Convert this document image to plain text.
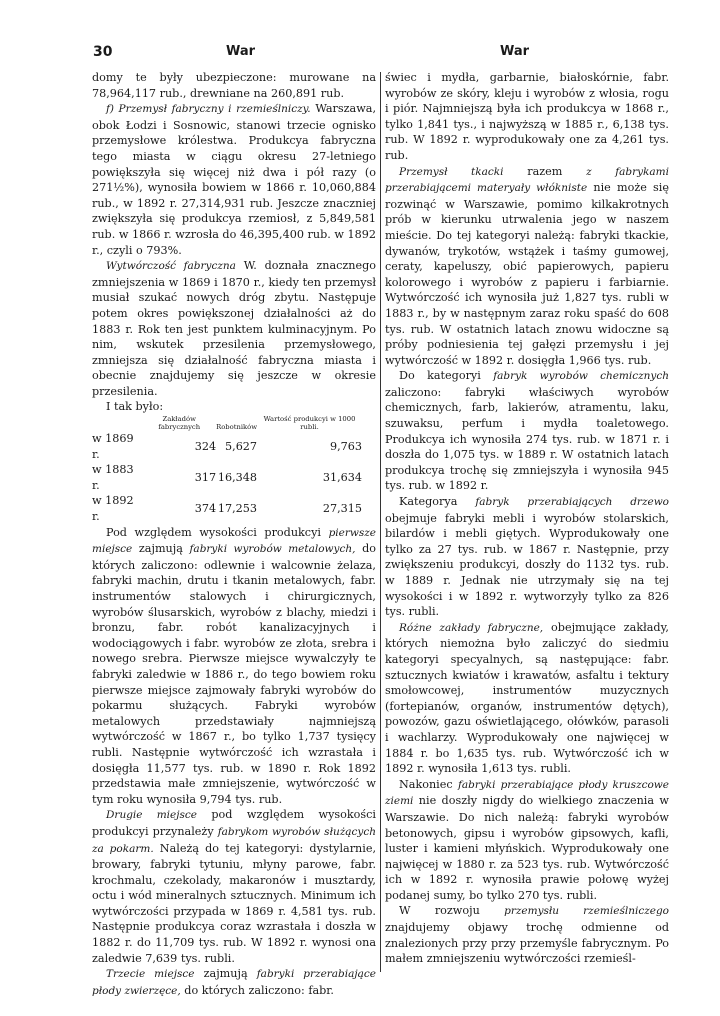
30	War	War

domy te były ubezpieczone: murowane na 78,964,117 rub., drewniane na 260,891 rub.

f) Przemysł fabryczny i rzemieślniczy. Warszawa, obok Łodzi i Sosnowic, stanowi trzecie ognisko przemysłowe królestwa. Produkcya fabryczna tego miasta w ciągu okresu 27-letniego powiększyła się więcej niż dwa i pół razy (o 271½%), wynosiła bowiem w 1866 r. 10,060,884 rub., w 1892 r. 27,314,931 rub. Jeszcze znaczniej zwiększyła się produkcya rzemiosł, z 5,849,581 rub. w 1866 r. wzrosła do 46,395,400 rub. w 1892 r., czyli o 793%.

Wytwórczość fabryczna W. doznała znacznego zmniejszenia w 1869 i 1870 r., kiedy ten przemysł musiał szukać nowych dróg zbytu. Następuje potem okres powiększonej działalności aż do 1883 r. Rok ten jest punktem kulminacyjnym. Po nim, wskutek przesilenia przemysłowego, zmniejsza się działalność fabryczna miasta i obecnie znajdujemy się jeszcze w okresie przesilenia.

I tak było:

	Zakładów fabrycznych	Robotników	Wartość produkcyi w 1000 rubli.
w 1869 r.	324	5,627	9,763
w 1883 r.	317	16,348	31,634
w 1892 r.	374	17,253	27,315

Pod względem wysokości produkcyi pierwsze miejsce zajmują fabryki wyrobów metalowych, do których zaliczono: odlewnie i walcownie żelaza, fabryki machin, drutu i tkanin metalowych, fabr. instrumentów stalowych i chirurgicznych, wyrobów ślusarskich, wyrobów z blachy, miedzi i bronzu, fabr. robót kanalizacyjnych i wodociągowych i fabr. wyrobów ze złota, srebra i nowego srebra. Pierwsze miejsce wywalczyły te fabryki zaledwie w 1886 r., do tego bowiem roku pierwsze miejsce zajmowały fabryki wyrobów do pokarmu służących. Fabryki wyrobów metalowych przedstawiały najmniejszą wytwórczość w 1867 r., bo tylko 1,737 tysięcy rubli. Następnie wytwórczość ich wzrastała i dosięgła 11,577 tys. rub. w 1890 r. Rok 1892 przedstawia małe zmniejszenie, wytwórczość w tym roku wynosiła 9,794 tys. rub.

Drugie miejsce pod względem wysokości produkcyi przynależy fabrykom wyrobów służących za pokarm. Należą do tej kategoryi: dystylarnie, browary, fabryki tytuniu, młyny parowe, fabr. krochmalu, czekolady, makaronów i musztardy, octu i wód mineralnych sztucznych. Minimum ich wytwórczości przypada w 1869 r. 4,581 tys. rub. Następnie produkcya coraz wzrastała i doszła w 1882 r. do 11,709 tys. rub. W 1892 r. wynosi ona zaledwie 7,639 tys. rubli.

Trzecie miejsce zajmują fabryki przerabiające płody zwierzęce, do których zaliczono: fabr.

świec i mydła, garbarnie, białoskórnie, fabr. wyrobów ze skóry, kleju i wyrobów z włosia, rogu i piór. Najmniejszą była ich produkcya w 1868 r., tylko 1,841 tys., i najwyższą w 1885 r., 6,138 tys. rub. W 1892 r. wyprodukowały one za 4,261 tys. rub.

Przemysł tkacki razem z fabrykami przerabiającemi materyały włókniste nie może się rozwinąć w Warszawie, pomimo kilkakrotnych prób w kierunku utrwalenia jego w naszem mieście. Do tej kategoryi należą: fabryki tkackie, dywanów, trykotów, wstążek i taśmy gumowej, ceraty, kapeluszy, obić papierowych, papieru kolorowego i wyrobów z papieru i farbiarnie. Wytwórczość ich wynosiła już 1,827 tys. rubli w 1883 r., by w następnym zaraz roku spaść do 608 tys. rub. W ostatnich latach znowu widoczne są próby podniesienia tej gałęzi przemysłu i jej wytwórczość w 1892 r. dosięgła 1,966 tys. rub.

Do kategoryi fabryk wyrobów chemicznych zaliczono: fabryki właściwych wyrobów chemicznych, farb, lakierów, atramentu, laku, szuwaksu, perfum i mydła toaletowego. Produkcya ich wynosiła 274 tys. rub. w 1871 r. i doszła do 1,075 tys. w 1889 r. W ostatnich latach produkcya trochę się zmniejszyła i wynosiła 945 tys. rub. w 1892 r.

Kategorya fabryk przerabiających drzewo obejmuje fabryki mebli i wyrobów stolarskich, bilardów i mebli giętych. Wyprodukowały one tylko za 27 tys. rub. w 1867 r. Następnie, przy zwiększeniu produkcyi, doszły do 1132 tys. rub. w 1889 r. Jednak nie utrzymały się na tej wysokości i w 1892 r. wytworzyły tylko za 826 tys. rubli.

Różne zakłady fabryczne, obejmujące zakłady, których niemożna było zaliczyć do siedmiu kategoryi specyalnych, są następujące: fabr. sztucznych kwiatów i krawatów, asfaltu i tektury smołowcowej, instrumentów muzycznych (fortepianów, organów, instrumentów dętych), powozów, gazu oświetlającego, ołówków, parasoli i wachlarzy. Wyprodukowały one najwięcej w 1884 r. bo 1,635 tys. rub. Wytwórczość ich w 1892 r. wynosiła 1,613 tys. rubli.

Nakoniec fabryki przerabiające płody kruszcowe ziemi nie doszły nigdy do wielkiego znaczenia w Warszawie. Do nich należą: fabryki wyrobów betonowych, gipsu i wyrobów gipsowych, kafli, luster i kamieni młyńskich. Wyprodukowały one najwięcej w 1880 r. za 523 tys. rub. Wytwórczość ich w 1892 r. wynosiła prawie połowę wyżej podanej sumy, bo tylko 270 tys. rubli.

W rozwoju przemysłu rzemieślniczego znajdujemy objawy trochę odmienne od znalezionych przy przy przemyśle fabrycznym. Po małem zmniejszeniu wytwórczości rzemieśl-
